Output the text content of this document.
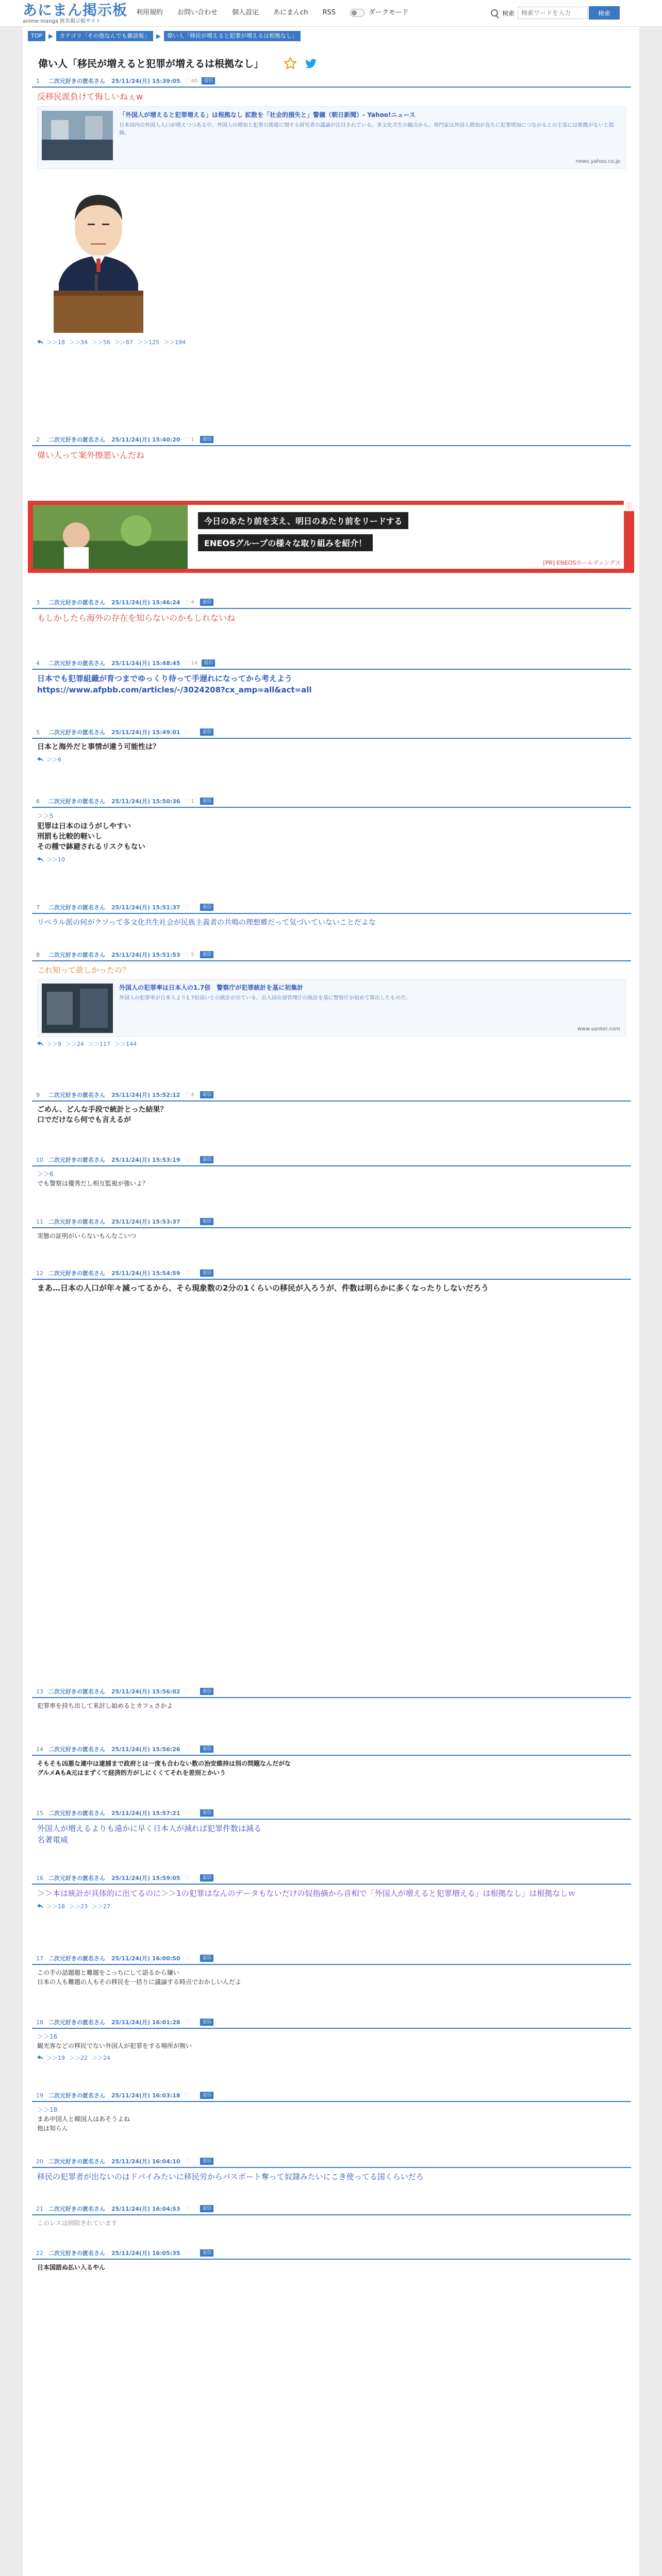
あにまん掲示板
anime manga 匿名掲示板サイト
利用規約 お問い合わせ 個人設定 あにまんch RSS	ダークモード	検索
検索ワードを入力	検索
TOP	▶	カテゴリ「その他なんでも雑談板」	▶	偉い人「移民が増えると犯罪が増えるは根拠なし」
偉い人「移民が増えると犯罪が増えるは根拠なし」
1	二次元好きの匿名さん 25/11/24(月) 15:39:05 ♡ 40	返信
反移民派負けて悔しいねぇw
「外国人が増えると犯罪増える」は根拠なし 拡散を「社会的損失と」警鐘（朝日新聞）- Yahoo!ニュース
日本国内の外国人人口が増えつつある中、外国人の増加と犯罪の関連に関する研究者の議論が注目されている。多文化共生の観点から、専門家は外国人増加が直ちに犯罪増加につながるとの主張には根拠がないと指摘。
news.yahoo.co.jp
＞＞18 ＞＞34 ＞＞56 ＞＞87 ＞＞125 ＞＞194
2	二次元好きの匿名さん 25/11/24(月) 15:40:20 ♡ 1	返信
偉い人って案外擦悪いんだね
今日のあたり前を支え、明日のあたり前をリードする
ENEOSグループの様々な取り組みを紹介！
[PR] ENEOSホールディングス
ⓘ
3	二次元好きの匿名さん 25/11/24(月) 15:46:24 ♡ 4	返信
もしかしたら海外の存在を知らないのかもしれないね
4	二次元好きの匿名さん 25/11/24(月) 15:48:45 ♡ 14	返信
日本でも犯罪組織が育つまでゆっくり待って手遅れになってから考えよう
https://www.afpbb.com/articles/-/3024208?cx_amp=all&act=all
5	二次元好きの匿名さん 25/11/24(月) 15:49:01 ♡	返信
日本と海外だと事情が違う可能性は？
＞＞6
6	二次元好きの匿名さん 25/11/24(月) 15:50:36 ♡ 1	返信
＞＞5
犯罪は日本のほうがしやすい
刑罰も比較的軽いし
その種で鉢避されるリスクもない
＞＞10
7	二次元好きの匿名さん 25/11/24(月) 15:51:37 ♡	返信
リベラル派の何がクソって多文化共生社会が民族主義者の共鳴の理想郷だって気づいていないことだよな
8	二次元好きの匿名さん 25/11/24(月) 15:51:53 ♡ 5	返信
これ知って欲しかったの？
外国人の犯罪率は日本人の1.7倍　警察庁が犯罪統計を基に初集計
外国人の犯罪率が日本人より1.7倍高いとの統計が出ている。出入国在留管理庁の統計を基に警察庁が初めて算出したものだ。
www.sankei.com
＞＞9 ＞＞24 ＞＞117 ＞＞144
9	二次元好きの匿名さん 25/11/24(月) 15:52:12 ♡ 4	返信
ごめん、どんな手段で統計とった結果？
口でだけなら何でも言えるが
10 二次元好きの匿名さん 25/11/24(月) 15:53:19 ♡	返信
＞＞6
でも警察は優秀だし相互監視が強いよ？
11 二次元好きの匿名さん 25/11/24(月) 15:53:37 ♡	返信
実態の証明がいらないもんなこいつ
12 二次元好きの匿名さん 25/11/24(月) 15:54:59 ♡	返信
まあ…日本の人口が年々減ってるから、そら現象数の2分の1くらいの移民が入ろうが、件数は明らかに多くなったりしないだろう
13 二次元好きの匿名さん 25/11/24(月) 15:56:02 ♡	返信
犯罪率を持ち出して来討し始めるとカフェさかよ
14 二次元好きの匿名さん 25/11/24(月) 15:56:26 ♡	返信
そもそも凶悪な連中は逮捕まで政府とは一度も合わない数の治安維持は別の問題なんだがな
グルメAもA元はまずくて経済的方がしにくくてそれを差別とかいう
15 二次元好きの匿名さん 25/11/24(月) 15:57:21 ♡	返信
外国人が増えるよりも遠かに早く日本人が減れば犯罪件数は減る
名著電威
16 二次元好きの匿名さん 25/11/24(月) 15:59:05 ♡	返信
＞＞本は統計が具体的に出てるのに＞＞1の犯罪はなんのデータもないだけの奴指摘から首相で「外国人が増えると犯罪増える」は根拠なし」は根拠なしｗ
＞＞18 ＞＞23 ＞＞27
17 二次元好きの匿名さん 25/11/24(月) 16:00:50 ♡	返信
この手の話題題と難題をこっちにして語るから嫌い
日本の人も難題の人もその移民を一括りに議論する時点でおかしいんだよ
18 二次元好きの匿名さん 25/11/24(月) 16:01:28 ♡	返信
＞＞16
観光客などの移民でない外国人が犯罪をする場所が無い
＞＞19 ＞＞22 ＞＞24
19 二次元好きの匿名さん 25/11/24(月) 16:03:18 ♡	返信
＞＞18
まあ中国人と韓国人はあそうよね
他は知らん
20 二次元好きの匿名さん 25/11/24(月) 16:04:10 ♡	返信
移民の犯罪者が出ないのはドバイみたいに移民労からパスポート奪って奴隷みたいにこき使ってる国くらいだろ
21 二次元好きの匿名さん 25/11/24(月) 16:04:53 ♡	返信
このレスは削除されています
22 二次元好きの匿名さん 25/11/24(月) 16:05:35 ♡	返信
日本国語ぬ払い入るやん
